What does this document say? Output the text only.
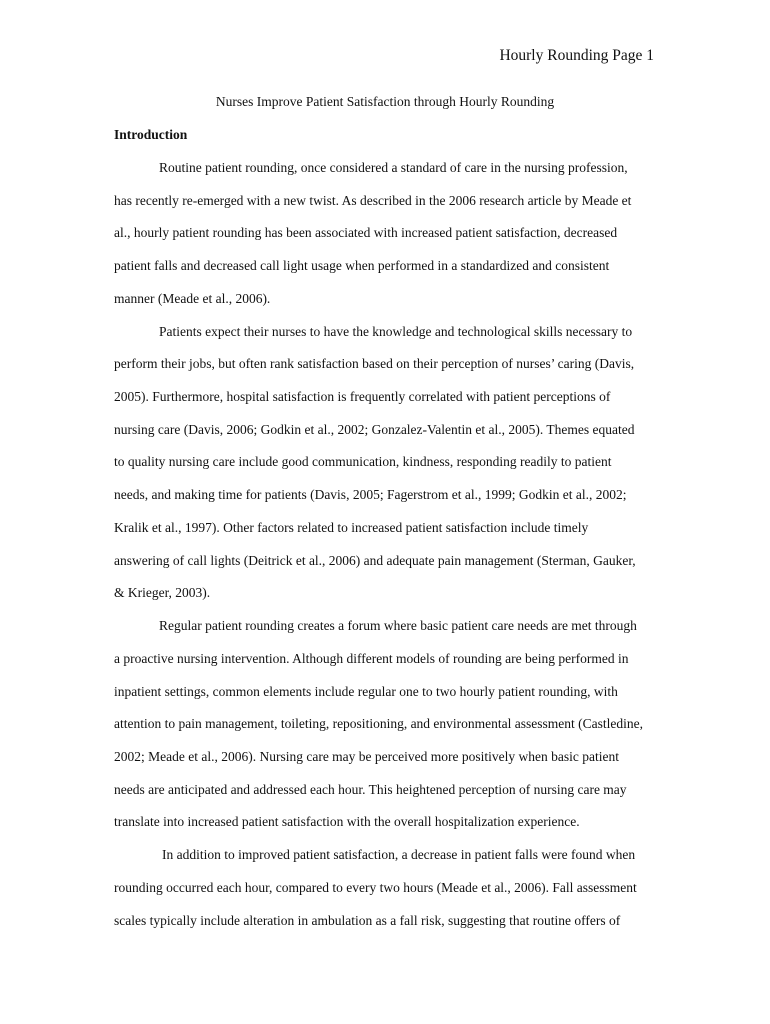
Hourly Rounding Page 1
Nurses Improve Patient Satisfaction through Hourly Rounding
Introduction
Routine patient rounding, once considered a standard of care in the nursing profession,
has recently re-emerged with a new twist. As described in the 2006 research article by Meade et
al., hourly patient rounding has been associated with increased patient satisfaction, decreased
patient falls and decreased call light usage when performed in a standardized and consistent
manner (Meade et al., 2006).
Patients expect their nurses to have the knowledge and technological skills necessary to
perform their jobs, but often rank satisfaction based on their perception of nurses’ caring (Davis,
2005). Furthermore, hospital satisfaction is frequently correlated with patient perceptions of
nursing care (Davis, 2006; Godkin et al., 2002; Gonzalez-Valentin et al., 2005). Themes equated
to quality nursing care include good communication, kindness, responding readily to patient
needs, and making time for patients (Davis, 2005; Fagerstrom et al., 1999; Godkin et al., 2002;
Kralik et al., 1997). Other factors related to increased patient satisfaction include timely
answering of call lights (Deitrick et al., 2006) and adequate pain management (Sterman, Gauker,
& Krieger, 2003).
Regular patient rounding creates a forum where basic patient care needs are met through
a proactive nursing intervention. Although different models of rounding are being performed in
inpatient settings, common elements include regular one to two hourly patient rounding, with
attention to pain management, toileting, repositioning, and environmental assessment (Castledine,
2002; Meade et al., 2006). Nursing care may be perceived more positively when basic patient
needs are anticipated and addressed each hour. This heightened perception of nursing care may
translate into increased patient satisfaction with the overall hospitalization experience.
In addition to improved patient satisfaction, a decrease in patient falls were found when
rounding occurred each hour, compared to every two hours (Meade et al., 2006). Fall assessment
scales typically include alteration in ambulation as a fall risk, suggesting that routine offers of
